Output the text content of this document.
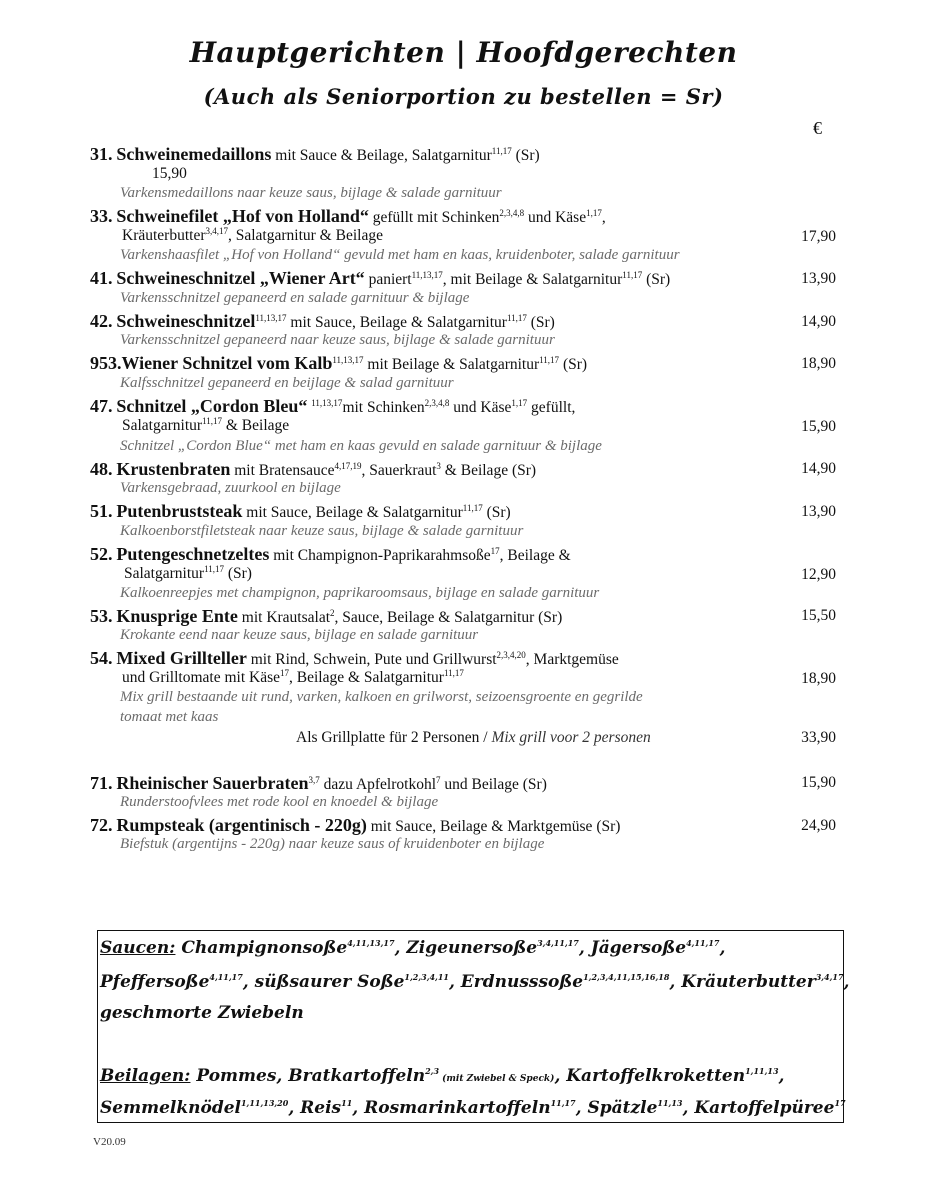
Hauptgerichten | Hoofdgerechten
(Auch als Seniorportion zu bestellen = Sr)
€
31. Schweinemedaillons mit Sauce & Beilage, Salatgarnitur$^{11,17}$ (Sr)
15,90
Varkensmedaillons naar keuze saus, bijlage & salade garnituur
33. Schweinefilet „Hof von Holland“ gefüllt mit Schinken$^{2,3,4,8}$ und Käse$^{1,17}$,
Kräuterbutter$^{3,4,17}$, Salatgarnitur & Beilage	17,90
Varkenshaasfilet „Hof von Holland“ gevuld met ham en kaas, kruidenboter, salade garnituur
41. Schweineschnitzel „Wiener Art“ paniert$^{11,13,17}$, mit Beilage & Salatgarnitur$^{11,17}$ (Sr)	13,90
Varkensschnitzel gepaneerd en salade garnituur & bijlage
42. Schweineschnitzel$^{11,13,17}$ mit Sauce, Beilage & Salatgarnitur$^{11,17}$ (Sr)	14,90
Varkensschnitzel gepaneerd naar keuze saus, bijlage & salade garnituur
953.Wiener Schnitzel vom Kalb$^{11,13,17}$ mit Beilage & Salatgarnitur$^{11,17}$ (Sr)	18,90
Kalfsschnitzel gepaneerd en beijlage & salad garnituur
47. Schnitzel „Cordon Bleu“ $^{11,13,17}$mit Schinken$^{2,3,4,8}$ und Käse$^{1,17}$ gefüllt,
Salatgarnitur$^{11,17}$ & Beilage	15,90
Schnitzel „Cordon Blue“ met ham en kaas gevuld en salade garnituur & bijlage
48. Krustenbraten mit Bratensauce$^{4,17,19}$, Sauerkraut$^3$ & Beilage (Sr)	14,90
Varkensgebraad, zuurkool en bijlage
51. Putenbruststeak mit Sauce, Beilage & Salatgarnitur$^{11,17}$ (Sr)	13,90
Kalkoenborstfiletsteak naar keuze saus, bijlage & salade garnituur
52. Putengeschnetzeltes mit Champignon-Paprikarahmsoße$^{17}$, Beilage &
Salatgarnitur$^{11,17}$ (Sr)	12,90
Kalkoenreepjes met champignon, paprikaroomsaus, bijlage en salade garnituur
53. Knusprige Ente mit Krautsalat$^2$, Sauce, Beilage & Salatgarnitur (Sr)	15,50
Krokante eend naar keuze saus, bijlage en salade garnituur
54. Mixed Grillteller mit Rind, Schwein, Pute und Grillwurst$^{2,3,4,20}$, Marktgemüse
und Grilltomate mit Käse$^{17}$, Beilage & Salatgarnitur$^{11,17}$	18,90
Mix grill bestaande uit rund, varken, kalkoen en grilworst, seizoensgroente en gegrilde
tomaat met kaas
Als Grillplatte für 2 Personen / Mix grill voor 2 personen	33,90
71. Rheinischer Sauerbraten$^{3,7}$ dazu Apfelrotkohl$^7$ und Beilage (Sr)	15,90
Runderstoofvlees met rode kool en knoedel & bijlage
72. Rumpsteak (argentinisch - 220g) mit Sauce, Beilage & Marktgemüse (Sr)	24,90
Biefstuk (argentijns - 220g) naar keuze saus of kruidenboter en bijlage
Saucen: Champignonsoße$^{4,11,13,17}$, Zigeunersoße$^{3,4,11,17}$, Jägersoße$^{4,11,17}$,
Pfeffersoße$^{4,11,17}$, süßsaurer Soße$^{1,2,3,4,11}$, Erdnusssoße$^{1,2,3,4,11,15,16,18}$, Kräuterbutter$^{3,4,17}$,
geschmorte Zwiebeln
Beilagen: Pommes, Bratkartoffeln$^{2,3}$ (mit Zwiebel & Speck), Kartoffelkroketten$^{1,11,13}$,
Semmelknödel$^{1,11,13,20}$, Reis$^{11}$, Rosmarinkartoffeln$^{11,17}$, Spätzle$^{11,13}$, Kartoffelpüree$^{17}$
V20.09
